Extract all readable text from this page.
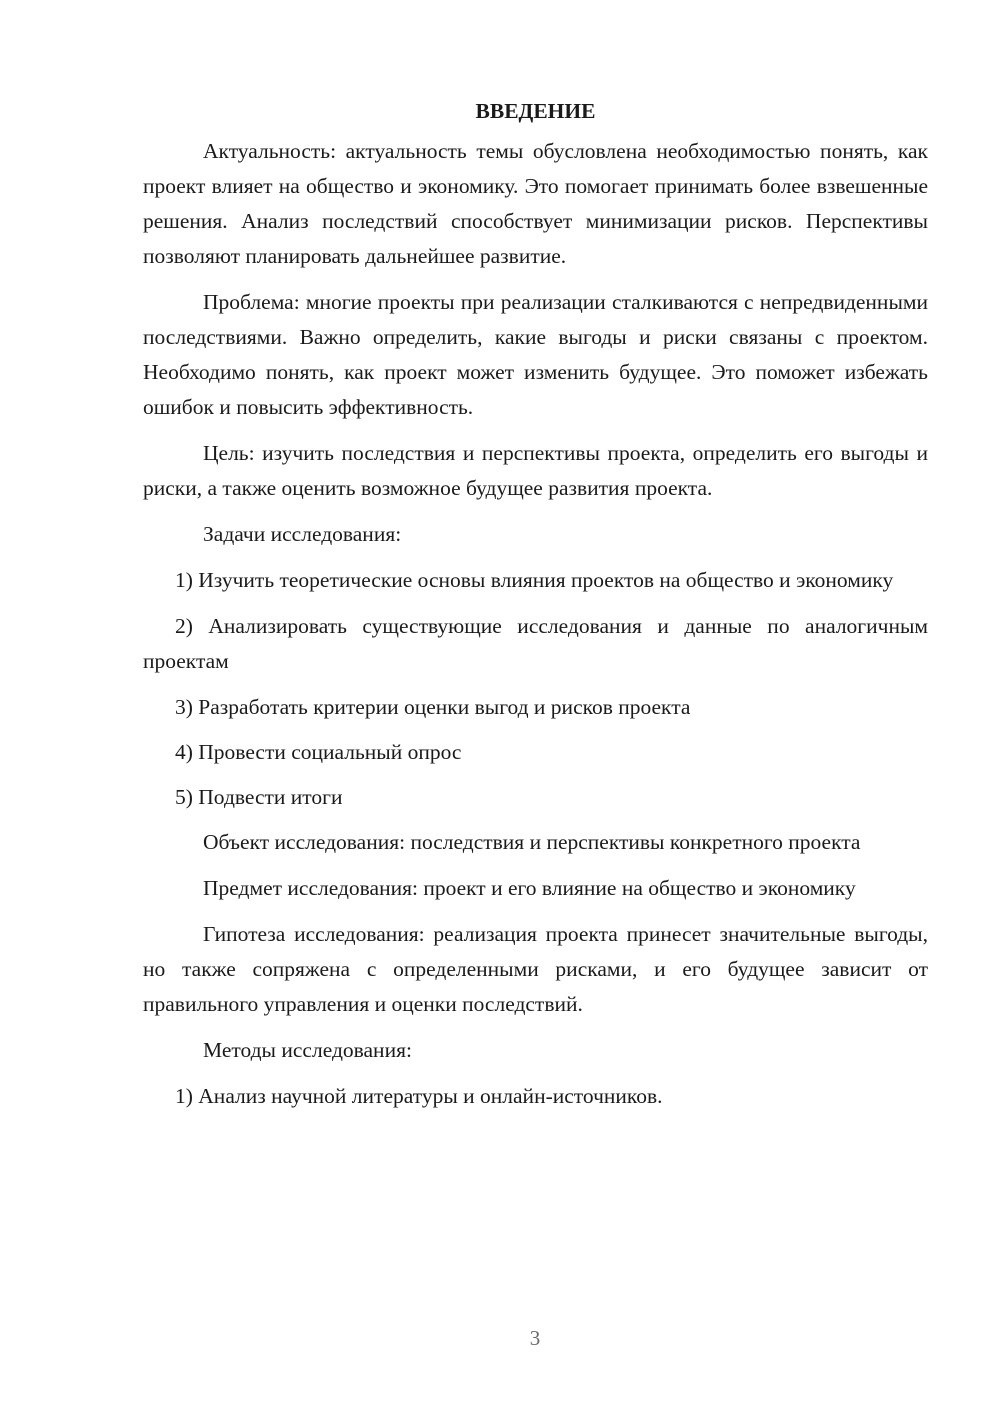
ВВЕДЕНИЕ
Актуальность: актуальность темы обусловлена необходимостью понять, как проект влияет на общество и экономику. Это помогает принимать более взвешенные решения. Анализ последствий способствует минимизации рисков. Перспективы позволяют планировать дальнейшее развитие.
Проблема: многие проекты при реализации сталкиваются с непредвиденными последствиями. Важно определить, какие выгоды и риски связаны с проектом. Необходимо понять, как проект может изменить будущее. Это поможет избежать ошибок и повысить эффективность.
Цель: изучить последствия и перспективы проекта, определить его выгоды и риски, а также оценить возможное будущее развития проекта.
Задачи исследования:
1) Изучить теоретические основы влияния проектов на общество и экономику
2) Анализировать существующие исследования и данные по аналогичным проектам
3) Разработать критерии оценки выгод и рисков проекта
4) Провести социальный опрос
5) Подвести итоги
Объект исследования: последствия и перспективы конкретного проекта
Предмет исследования: проект и его влияние на общество и экономику
Гипотеза исследования: реализация проекта принесет значительные выгоды, но также сопряжена с определенными рисками, и его будущее зависит от правильного управления и оценки последствий.
Методы исследования:
1) Анализ научной литературы и онлайн-источников.
3
